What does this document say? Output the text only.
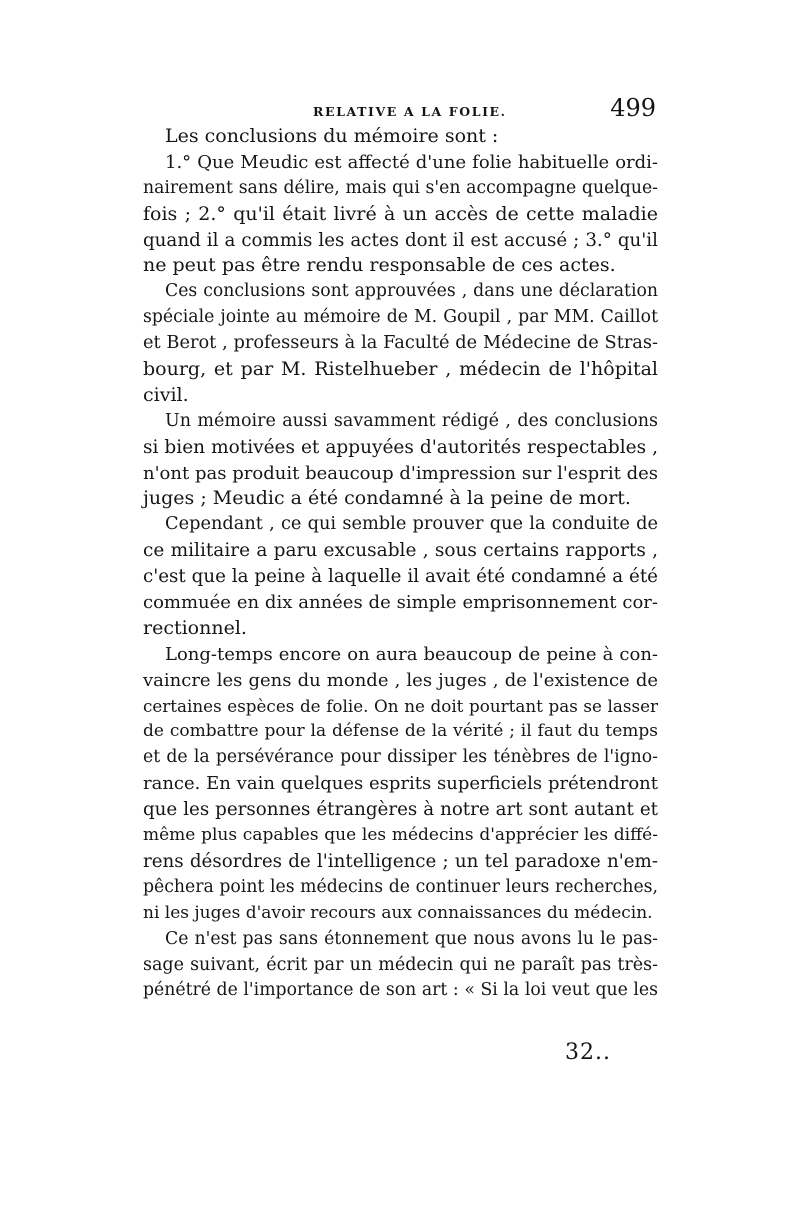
RELATIVE A LA FOLIE.	499
Les conclusions du mémoire sont :
1.° Que Meudic est affecté d'une folie habituelle ordi-
nairement sans délire, mais qui s'en accompagne quelque-
fois ; 2.° qu'il était livré à un accès de cette maladie
quand il a commis les actes dont il est accusé ; 3.° qu'il
ne peut pas être rendu responsable de ces actes.
Ces conclusions sont approuvées , dans une déclaration
spéciale jointe au mémoire de M. Goupil , par MM. Caillot
et Berot , professeurs à la Faculté de Médecine de Stras-
bourg, et par M. Ristelhueber , médecin de l'hôpital
civil.
Un mémoire aussi savamment rédigé , des conclusions
si bien motivées et appuyées d'autorités respectables ,
n'ont pas produit beaucoup d'impression sur l'esprit des
juges ; Meudic a été condamné à la peine de mort.
Cependant , ce qui semble prouver que la conduite de
ce militaire a paru excusable , sous certains rapports ,
c'est que la peine à laquelle il avait été condamné a été
commuée en dix années de simple emprisonnement cor-
rectionnel.
Long-temps encore on aura beaucoup de peine à con-
vaincre les gens du monde , les juges , de l'existence de
certaines espèces de folie. On ne doit pourtant pas se lasser
de combattre pour la défense de la vérité ; il faut du temps
et de la persévérance pour dissiper les ténèbres de l'igno-
rance. En vain quelques esprits superficiels prétendront
que les personnes étrangères à notre art sont autant et
même plus capables que les médecins d'apprécier les diffé-
rens désordres de l'intelligence ; un tel paradoxe n'em-
pêchera point les médecins de continuer leurs recherches,
ni les juges d'avoir recours aux connaissances du médecin.
Ce n'est pas sans étonnement que nous avons lu le pas-
sage suivant, écrit par un médecin qui ne paraît pas très-
pénétré de l'importance de son art : « Si la loi veut que les
32..
